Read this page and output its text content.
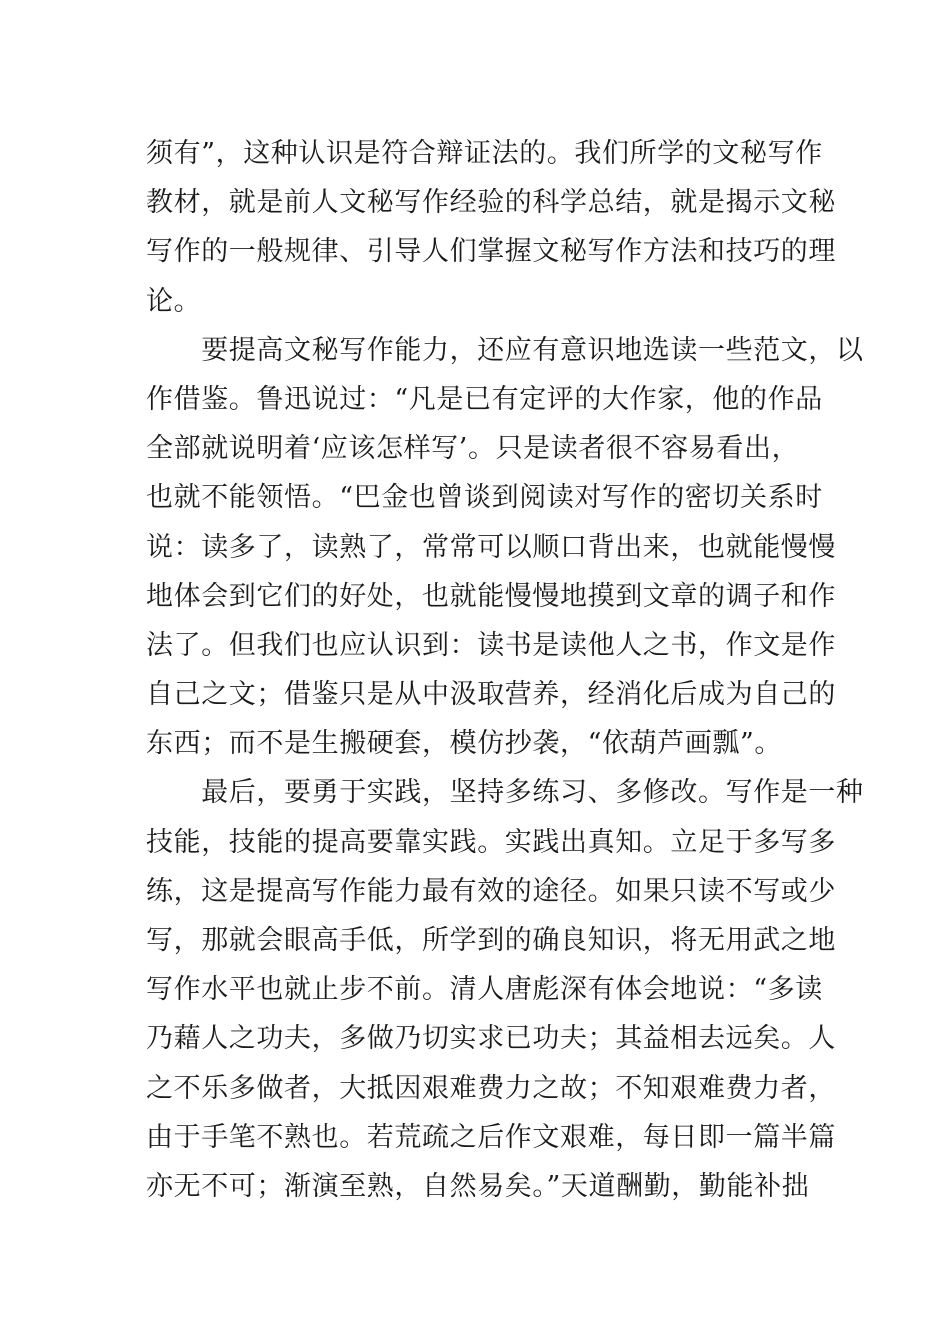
须有”，这种认识是符合辩证法的。我们所学的文秘写作
教材，就是前人文秘写作经验的科学总结，就是揭示文秘
写作的一般规律、引导人们掌握文秘写作方法和技巧的理
论。
　　要提高文秘写作能力，还应有意识地选读一些范文，以
作借鉴。鲁迅说过：“凡是已有定评的大作家，他的作品
全部就说明着‘应该怎样写’。只是读者很不容易看出，
也就不能领悟。“巴金也曾谈到阅读对写作的密切关系时
说：读多了，读熟了，常常可以顺口背出来，也就能慢慢
地体会到它们的好处，也就能慢慢地摸到文章的调子和作
法了。但我们也应认识到：读书是读他人之书，作文是作
自己之文；借鉴只是从中汲取营养，经消化后成为自己的
东西；而不是生搬硬套，模仿抄袭，“依葫芦画瓢”。
　　最后，要勇于实践，坚持多练习、多修改。写作是一种
技能，技能的提高要靠实践。实践出真知。立足于多写多
练，这是提高写作能力最有效的途径。如果只读不写或少
写，那就会眼高手低，所学到的确良知识，将无用武之地
写作水平也就止步不前。清人唐彪深有体会地说：“多读
乃藉人之功夫，多做乃切实求已功夫；其益相去远矣。人
之不乐多做者，大抵因艰难费力之故；不知艰难费力者，
由于手笔不熟也。若荒疏之后作文艰难，每日即一篇半篇
亦无不可；渐演至熟，自然易矣。”天道酬勤，勤能补拙
